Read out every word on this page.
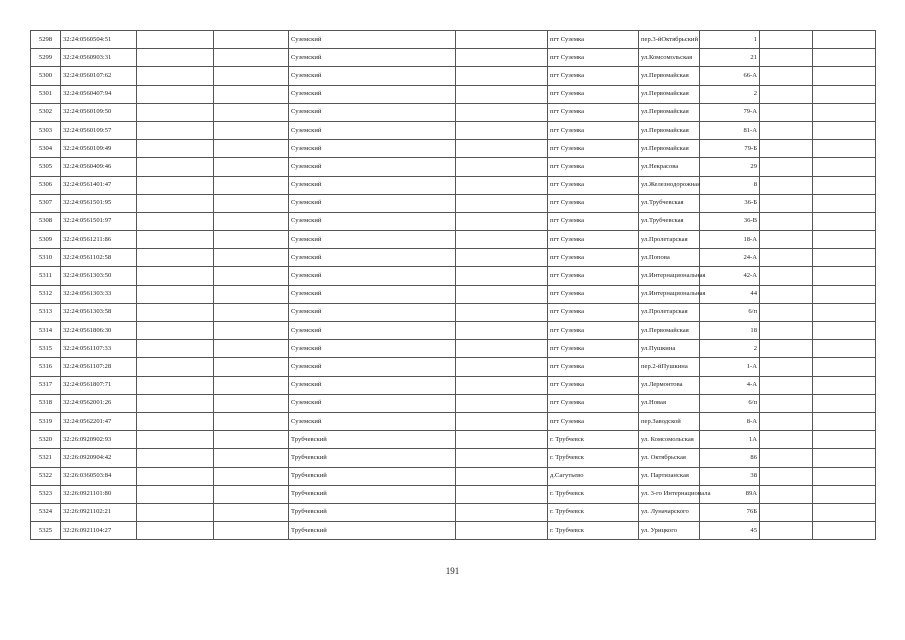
5298	32:24:0560504:51			Суземский		пгт Суземка	пер.3-йОктябрьский	1		
5299	32:24:0560903:31			Суземский		пгт Суземка	ул.Комсомольская	21		
5300	32:24:0560107:62			Суземский		пгт Суземка	ул.Первомайская	66-А		
5301	32:24:0560407:94			Суземский		пгт Суземка	ул.Первомайская	2		
5302	32:24:0560109:50			Суземский		пгт Суземка	ул.Первомайская	79-А		
5303	32:24:0560109:57			Суземский		пгт Суземка	ул.Первомайская	81-А		
5304	32:24:0560109:49			Суземский		пгт Суземка	ул.Первомайская	79-Б		
5305	32:24:0560409:46			Суземский		пгт Суземка	ул.Некрасова	29		
5306	32:24:0561401:47			Суземский		пгт Суземка	ул.Железнодорожная	8		
5307	32:24:0561501:95			Суземский		пгт Суземка	ул.Трубчевская	36-Б		
5308	32:24:0561501:97			Суземский		пгт Суземка	ул.Трубчевская	36-В		
5309	32:24:0561211:86			Суземский		пгт Суземка	ул.Пролетарская	18-А		
5310	32:24:0561102:58			Суземский		пгт Суземка	ул.Попова	24-А		
5311	32:24:0561303:50			Суземский		пгт Суземка	ул.Интернациональная	42-А		
5312	32:24:0561303:33			Суземский		пгт Суземка	ул.Интернациональная	44		
5313	32:24:0561303:58			Суземский		пгт Суземка	ул.Пролетарская	6/п		
5314	32:24:0561806:30			Суземский		пгт Суземка	ул.Первомайская	18		
5315	32:24:0561107:33			Суземский		пгт Суземка	ул.Пушкина	2		
5316	32:24:0561107:28			Суземский		пгт Суземка	пер.2-йПушкина	1-А		
5317	32:24:0561807:71			Суземский		пгт Суземка	ул.Лермонтова	4-А		
5318	32:24:0562001:26			Суземский		пгт Суземка	ул.Новая	6/п		
5319	32:24:0562201:47			Суземский		пгт Суземка	пер.Заводской	8-А		
5320	32:26:0920902:93			Трубчевский		г. Трубчевск	ул. Комсомольская	1А		
5321	32:26:0920904:42			Трубчевский		г. Трубчевск	ул. Октябрьская	86		
5322	32:26:0360503:84			Трубчевский		д.Сагутьево	ул. Партизанская	38		
5323	32:26:0921101:80			Трубчевский		г. Трубчевск	ул. 3-го Интернационала	89А		
5324	32:26:0921102:21			Трубчевский		г. Трубчевск	ул. Луначарского	76Б		
5325	32:26:0921104:27			Трубчевский		г. Трубчевск	ул. Урицкого	45		
191
